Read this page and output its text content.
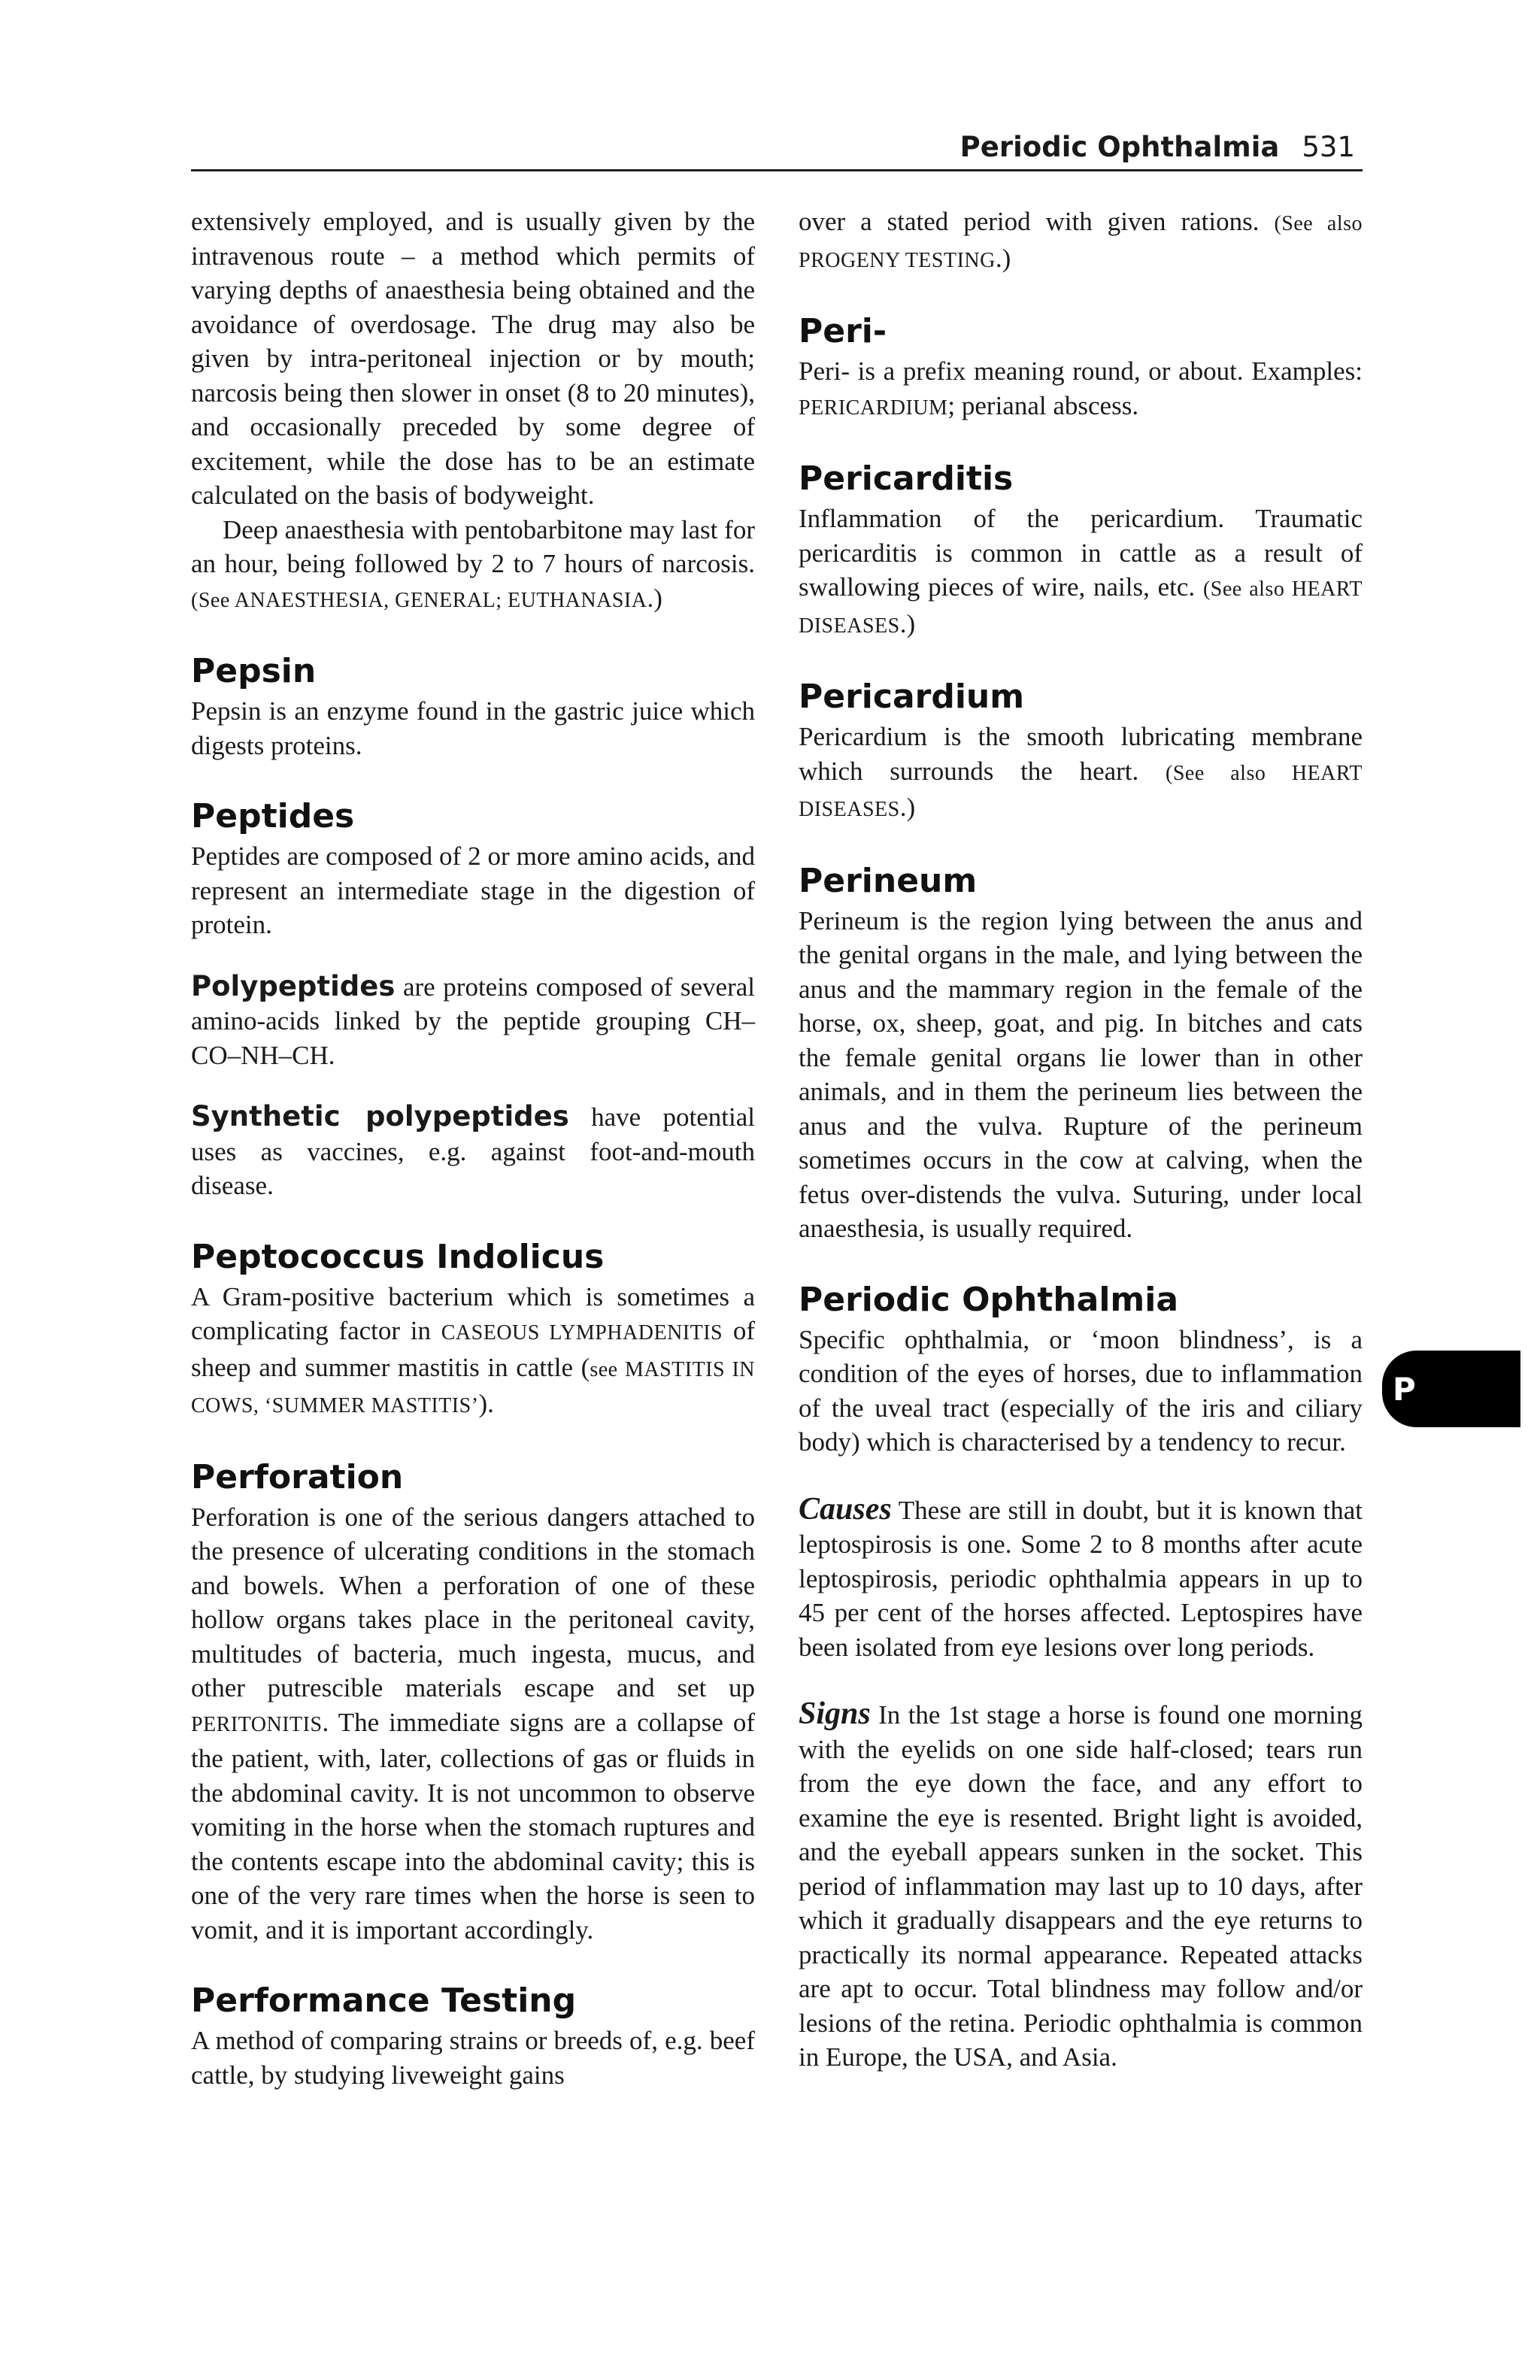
Periodic Ophthalmia 531

extensively employed, and is usually given by the intravenous route – a method which permits of varying depths of anaesthesia being obtained and the avoidance of overdosage. The drug may also be given by intra-peritoneal injection or by mouth; narcosis being then slower in onset (8 to 20 minutes), and occasionally preceded by some degree of excitement, while the dose has to be an estimate calculated on the basis of bodyweight.

Deep anaesthesia with pentobarbitone may last for an hour, being followed by 2 to 7 hours of narcosis. (See ANAESTHESIA, GENERAL; EUTHANASIA.)

Pepsin

Pepsin is an enzyme found in the gastric juice which digests proteins.

Peptides

Peptides are composed of 2 or more amino acids, and represent an intermediate stage in the digestion of protein.

Polypeptides are proteins composed of several amino-acids linked by the peptide grouping CH– CO–NH–CH.

Synthetic polypeptides have potential uses as vaccines, e.g. against foot-and-mouth disease.

Peptococcus Indolicus

A Gram-positive bacterium which is sometimes a complicating factor in CASEOUS LYMPHADENITIS of sheep and summer mastitis in cattle (see MASTITIS IN COWS, ‘SUMMER MASTITIS’).

Perforation

Perforation is one of the serious dangers attached to the presence of ulcerating conditions in the stomach and bowels. When a perforation of one of these hollow organs takes place in the peritoneal cavity, multitudes of bacteria, much ingesta, mucus, and other putrescible materials escape and set up PERITONITIS. The immediate signs are a collapse of the patient, with, later, collections of gas or fluids in the abdominal cavity. It is not uncommon to observe vomiting in the horse when the stomach ruptures and the contents escape into the abdominal cavity; this is one of the very rare times when the horse is seen to vomit, and it is important accordingly.

Performance Testing

A method of comparing strains or breeds of, e.g. beef cattle, by studying liveweight gains

over a stated period with given rations. (See also PROGENY TESTING.)

Peri-

Peri- is a prefix meaning round, or about. Examples: PERICARDIUM; perianal abscess.

Pericarditis

Inflammation of the pericardium. Traumatic pericarditis is common in cattle as a result of swallowing pieces of wire, nails, etc. (See also HEART DISEASES.)

Pericardium

Pericardium is the smooth lubricating membrane which surrounds the heart. (See also HEART DISEASES.)

Perineum

Perineum is the region lying between the anus and the genital organs in the male, and lying between the anus and the mammary region in the female of the horse, ox, sheep, goat, and pig. In bitches and cats the female genital organs lie lower than in other animals, and in them the perineum lies between the anus and the vulva. Rupture of the perineum sometimes occurs in the cow at calving, when the fetus over-distends the vulva. Suturing, under local anaesthesia, is usually required.

Periodic Ophthalmia

Specific ophthalmia, or ‘moon blindness’, is a condition of the eyes of horses, due to inflammation of the uveal tract (especially of the iris and ciliary body) which is characterised by a tendency to recur.

Causes These are still in doubt, but it is known that leptospirosis is one. Some 2 to 8 months after acute leptospirosis, periodic ophthalmia appears in up to 45 per cent of the horses affected. Leptospires have been isolated from eye lesions over long periods.

Signs In the 1st stage a horse is found one morning with the eyelids on one side half-closed; tears run from the eye down the face, and any effort to examine the eye is resented. Bright light is avoided, and the eyeball appears sunken in the socket. This period of inflammation may last up to 10 days, after which it gradually disappears and the eye returns to practically its normal appearance. Repeated attacks are apt to occur. Total blindness may follow and/or lesions of the retina. Periodic ophthalmia is common in Europe, the USA, and Asia.

P
